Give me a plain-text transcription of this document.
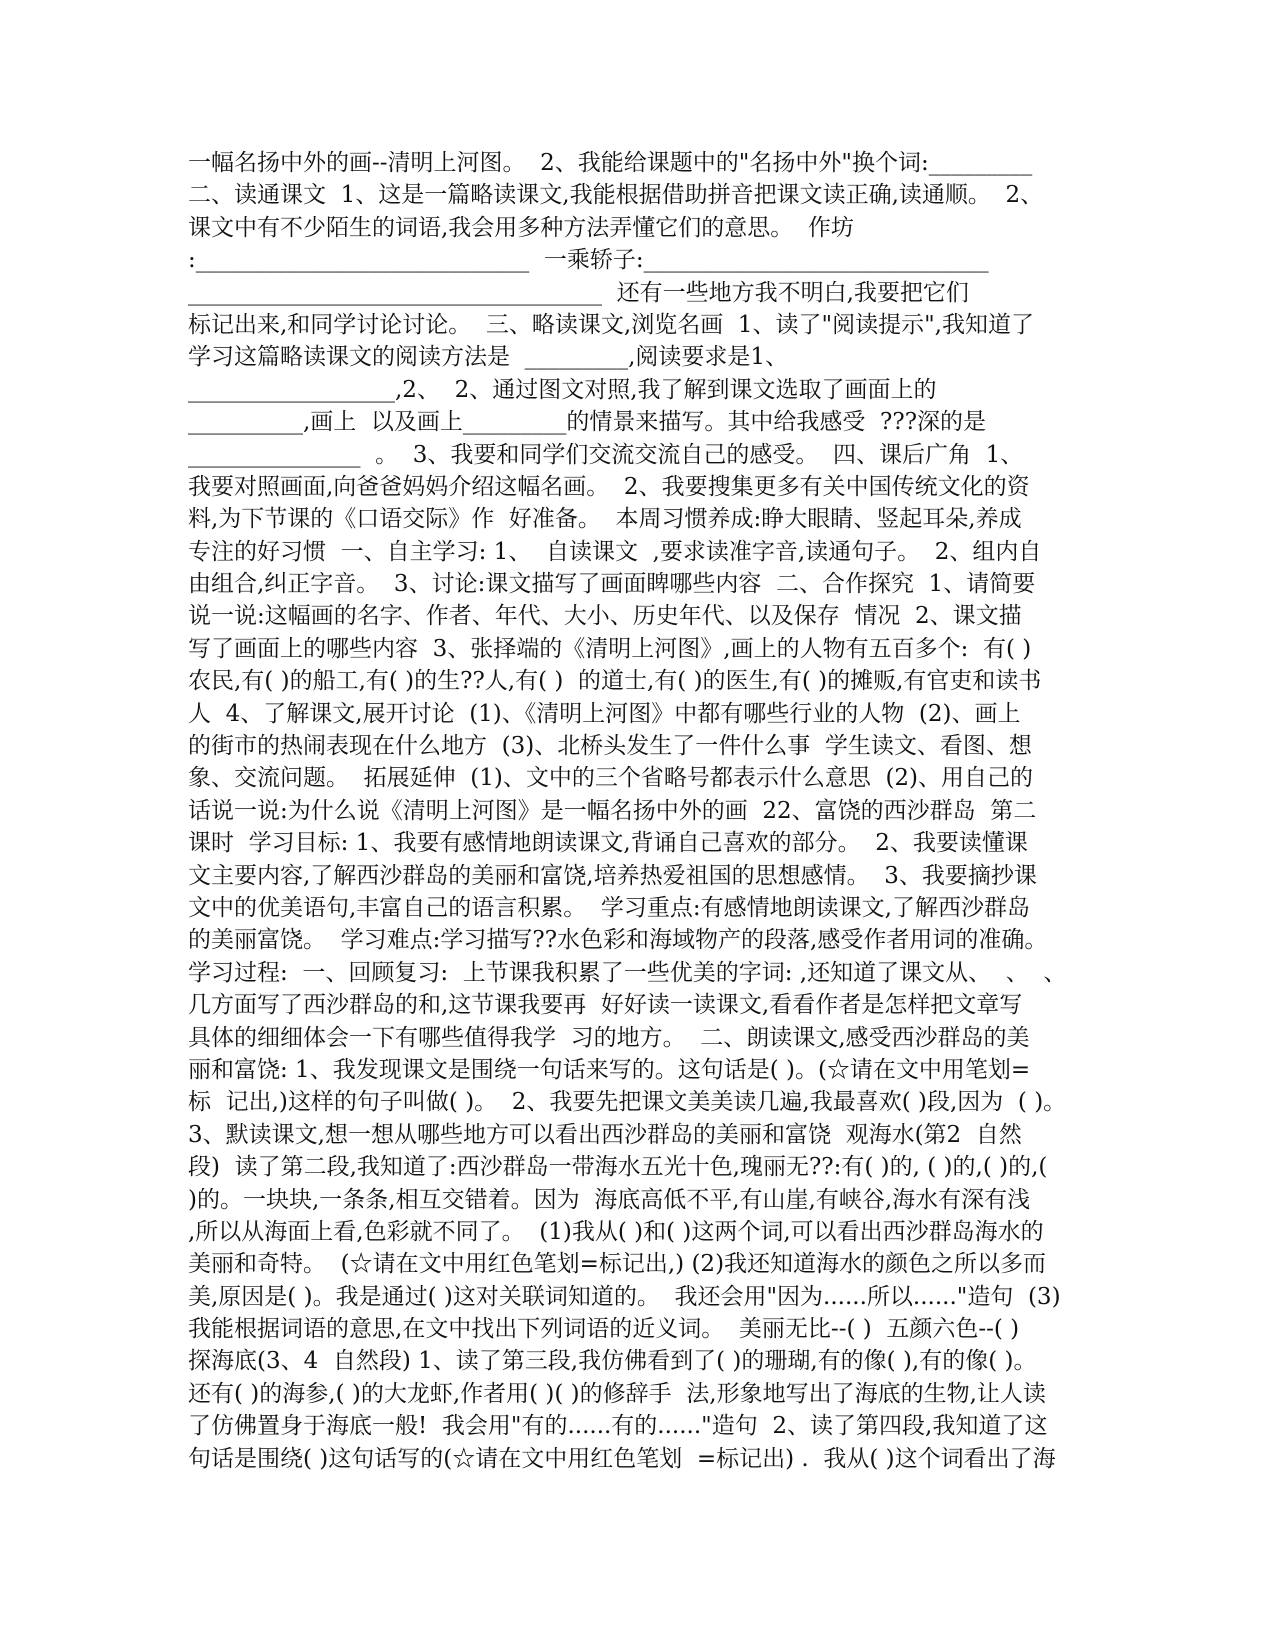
一幅名扬中外的画--清明上河图。  2、我能给课题中的"名扬中外"换个词:_________
二、读通课文  1、这是一篇略读课文,我能根据借助拼音把课文读正确,读通顺。  2、
课文中有不少陌生的词语,我会用多种方法弄懂它们的意思。  作坊
:_____________________________  一乘轿子:______________________________
____________________________________  还有一些地方我不明白,我要把它们
标记出来,和同学讨论讨论。  三、略读课文,浏览名画  1、读了"阅读提示",我知道了
学习这篇略读课文的阅读方法是  _________,阅读要求是1、
__________________,2、  2、通过图文对照,我了解到课文选取了画面上的
__________,画上  以及画上_________的情景来描写。其中给我感受  ???深的是
_______________  。  3、我要和同学们交流交流自己的感受。  四、课后广角  1、
我要对照画面,向爸爸妈妈介绍这幅名画。  2、我要搜集更多有关中国传统文化的资
料,为下节课的《口语交际》作  好准备。  本周习惯养成:睁大眼睛、竖起耳朵,养成
专注的好习惯  一、自主学习: 1、  自读课文  ,要求读准字音,读通句子。  2、组内自
由组合,纠正字音。  3、讨论:课文描写了画面睥哪些内容  二、合作探究  1、请简要
说一说:这幅画的名字、作者、年代、大小、历史年代、以及保存  情况  2、课文描
写了画面上的哪些内容  3、张择端的《清明上河图》,画上的人物有五百多个:  有( )
农民,有( )的船工,有( )的生??人,有( )  的道士,有( )的医生,有( )的摊贩,有官吏和读书
人  4、了解课文,展开讨论  (1)、《清明上河图》中都有哪些行业的人物  (2)、画上
的街市的热闹表现在什么地方  (3)、北桥头发生了一件什么事  学生读文、看图、想
象、交流问题。  拓展延伸  (1)、文中的三个省略号都表示什么意思  (2)、用自己的
话说一说:为什么说《清明上河图》是一幅名扬中外的画  22、富饶的西沙群岛  第二
课时  学习目标: 1、我要有感情地朗读课文,背诵自己喜欢的部分。  2、我要读懂课
文主要内容,了解西沙群岛的美丽和富饶,培养热爱祖国的思想感情。  3、我要摘抄课
文中的优美语句,丰富自己的语言积累。  学习重点:有感情地朗读课文,了解西沙群岛
的美丽富饶。  学习难点:学习描写??水色彩和海域物产的段落,感受作者用词的准确。
学习过程:  一、回顾复习:  上节课我积累了一些优美的字词: ,还知道了课文从、  、  、
几方面写了西沙群岛的和,这节课我要再  好好读一读课文,看看作者是怎样把文章写
具体的细细体会一下有哪些值得我学  习的地方。  二、朗读课文,感受西沙群岛的美
丽和富饶: 1、我发现课文是围绕一句话来写的。这句话是( )。(☆请在文中用笔划=
标  记出,)这样的句子叫做( )。  2、我要先把课文美美读几遍,我最喜欢( )段,因为  ( )。
3、默读课文,想一想从哪些地方可以看出西沙群岛的美丽和富饶  观海水(第2  自然
段)  读了第二段,我知道了:西沙群岛一带海水五光十色,瑰丽无??:有( )的, ( )的,( )的,(
)的。一块块,一条条,相互交错着。因为  海底高低不平,有山崖,有峡谷,海水有深有浅
,所以从海面上看,色彩就不同了。  (1)我从( )和( )这两个词,可以看出西沙群岛海水的
美丽和奇特。  (☆请在文中用红色笔划=标记出,) (2)我还知道海水的颜色之所以多而
美,原因是( )。我是通过( )这对关联词知道的。  我还会用"因为......所以......"造句  (3)
我能根据词语的意思,在文中找出下列词语的近义词。  美丽无比--( )  五颜六色--( )
探海底(3、4  自然段) 1、读了第三段,我仿佛看到了( )的珊瑚,有的像( ),有的像( )。
还有( )的海参,( )的大龙虾,作者用( )( )的修辞手  法,形象地写出了海底的生物,让人读
了仿佛置身于海底一般!  我会用"有的......有的......"造句  2、读了第四段,我知道了这
句话是围绕( )这句话写的(☆请在文中用红色笔划  =标记出) .  我从( )这个词看出了海
